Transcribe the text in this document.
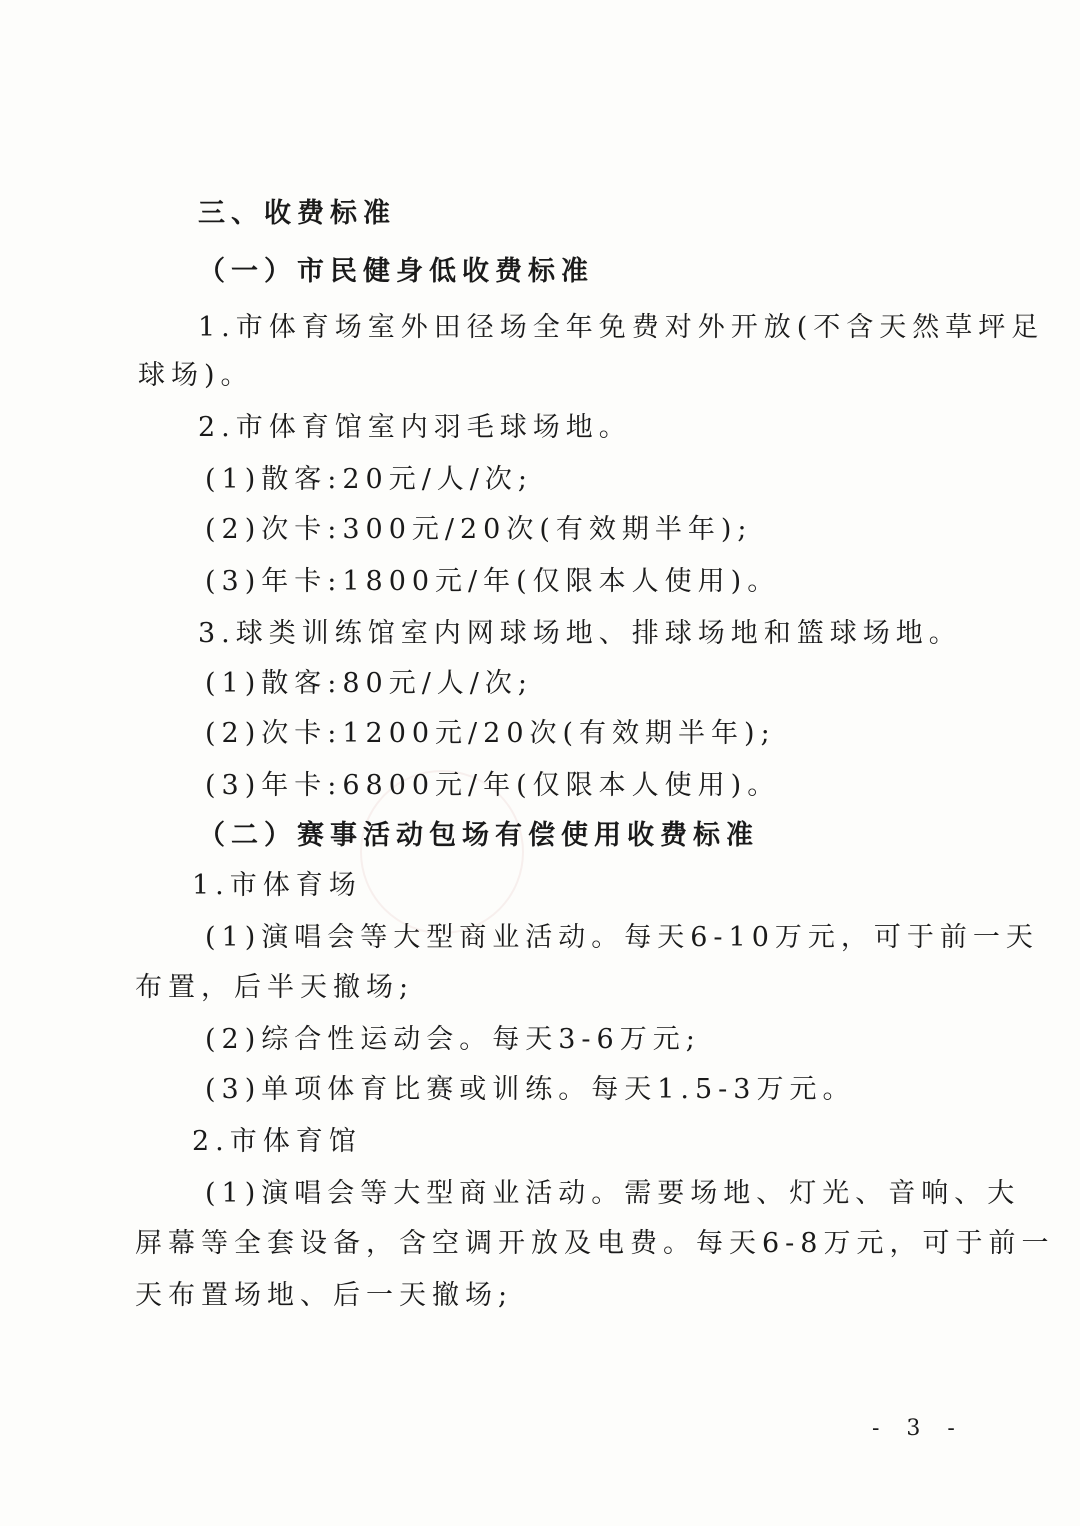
三、收费标准
（一）市民健身低收费标准
1.市体育场室外田径场全年免费对外开放(不含天然草坪足
球场)。
2.市体育馆室内羽毛球场地。
(1)散客:20元/人/次;
(2)次卡:300元/20次(有效期半年);
(3)年卡:1800元/年(仅限本人使用)。
3.球类训练馆室内网球场地、排球场地和篮球场地。
(1)散客:80元/人/次;
(2)次卡:1200元/20次(有效期半年);
(3)年卡:6800元/年(仅限本人使用)。
（二）赛事活动包场有偿使用收费标准
1.市体育场
(1)演唱会等大型商业活动。每天6-10万元，可于前一天
布置，后半天撤场;
(2)综合性运动会。每天3-6万元;
(3)单项体育比赛或训练。每天1.5-3万元。
2.市体育馆
(1)演唱会等大型商业活动。需要场地、灯光、音响、大
屏幕等全套设备，含空调开放及电费。每天6-8万元，可于前一
天布置场地、后一天撤场;
- 3 -
